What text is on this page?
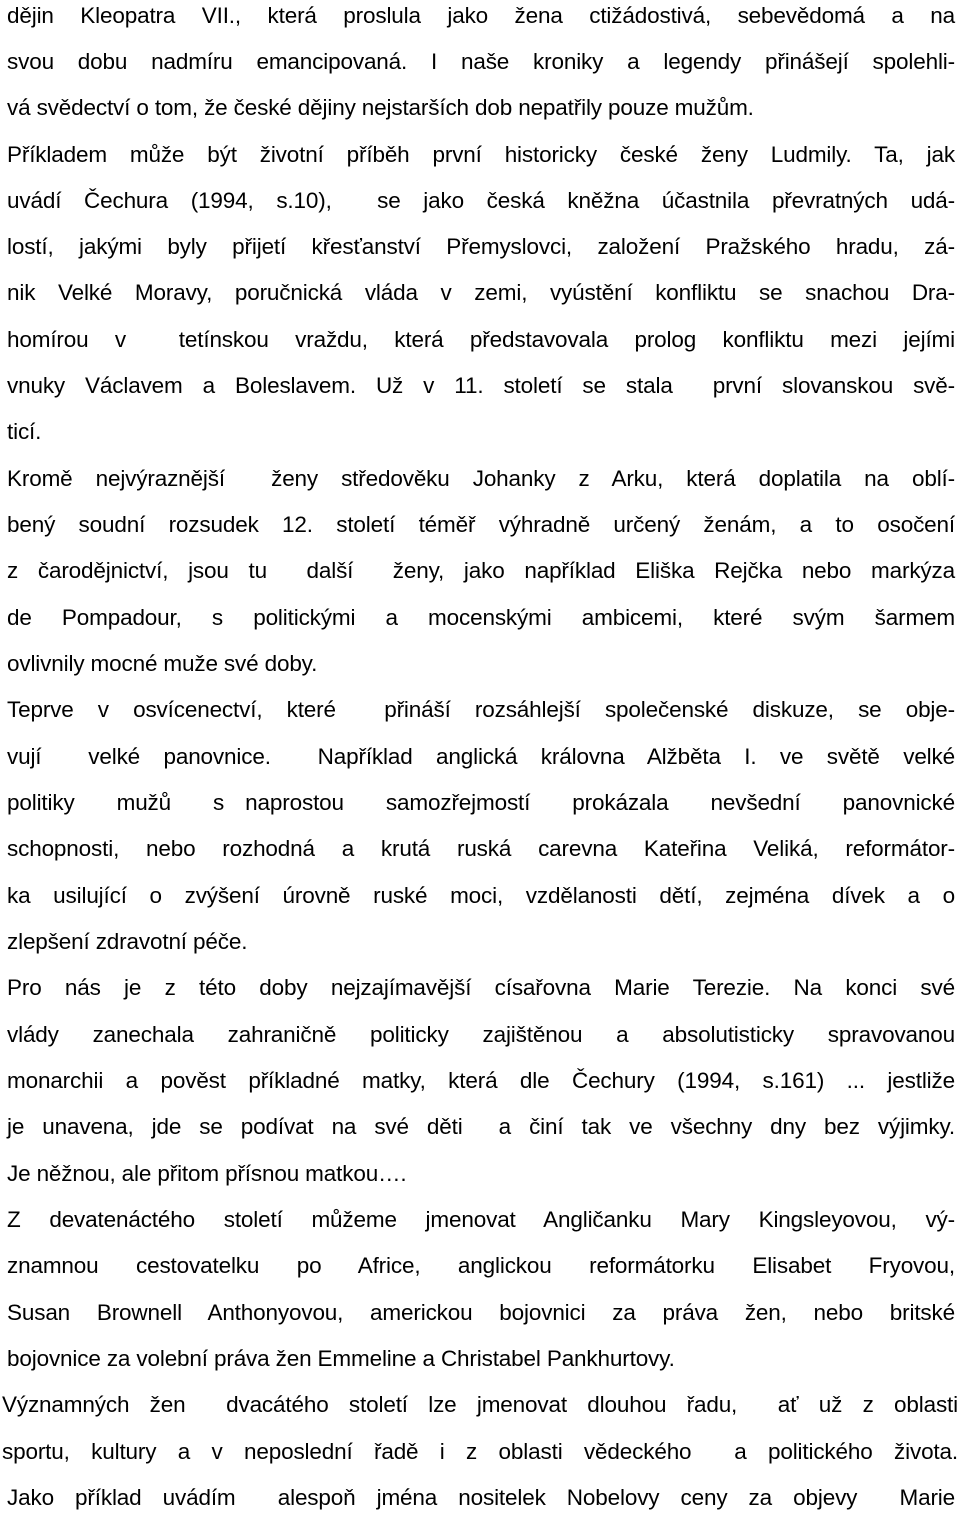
dějin Kleopatra VII., která proslula jako žena ctižádostivá, sebevědomá a na
svou dobu nadmíru emancipovaná. I naše kroniky a legendy přinášejí spolehli-
vá svědectví o tom, že české dějiny nejstarších dob nepatřily pouze mužům.
Příkladem může být životní příběh první historicky české ženy Ludmily. Ta, jak
uvádí Čechura (1994, s.10),  se jako česká kněžna účastnila převratných udá-
lostí, jakými byly přijetí křesťanství Přemyslovci, založení Pražského hradu, zá-
nik Velké Moravy, poručnická vláda v zemi, vyústění konfliktu se snachou Dra-
homírou v  tetínskou vraždu, která představovala prolog konfliktu mezi jejími
vnuky Václavem a Boleslavem. Už v 11. století se stala  první slovanskou svě-
ticí.
Kromě nejvýraznější  ženy středověku Johanky z Arku, která doplatila na oblí-
bený soudní rozsudek 12. století téměř výhradně určený ženám, a to osočení
z čarodějnictví, jsou tu  další  ženy, jako například Eliška Rejčka nebo markýza
de Pompadour, s politickými a mocenskými ambicemi, které svým šarmem
ovlivnily mocné muže své doby.
Teprve v osvícenectví, které  přináší rozsáhlejší společenské diskuze, se obje-
vují  velké panovnice.  Například anglická královna Alžběta I. ve světě velké
politiky  mužů  s naprostou  samozřejmostí  prokázala  nevšední  panovnické
schopnosti, nebo rozhodná a krutá ruská carevna Kateřina Veliká, reformátor-
ka usilující o zvýšení úrovně ruské moci, vzdělanosti dětí, zejména dívek a o
zlepšení zdravotní péče.
Pro nás je z této doby nejzajímavější císařovna Marie Terezie. Na konci své
vlády zanechala zahraničně politicky zajištěnou a absolutisticky spravovanou
monarchii a pověst příkladné matky, která dle Čechury (1994, s.161) ... jestliže
je unavena, jde se podívat na své děti  a činí tak ve všechny dny bez výjimky.
Je něžnou, ale přitom přísnou matkou….
Z devatenáctého století můžeme jmenovat Angličanku Mary Kingsleyovou, vý-
znamnou cestovatelku po Africe, anglickou reformátorku Elisabet Fryovou,
Susan Brownell Anthonyovou, americkou bojovnici za práva žen, nebo britské
bojovnice za volební práva žen Emmeline a Christabel Pankhurtovy.
Významných žen  dvacátého století lze jmenovat dlouhou řadu,  ať už z oblasti
sportu, kultury a v neposlední řadě i z oblasti vědeckého  a politického života.
Jako příklad uvádím  alespoň jména nositelek Nobelovy ceny za objevy  Marie
